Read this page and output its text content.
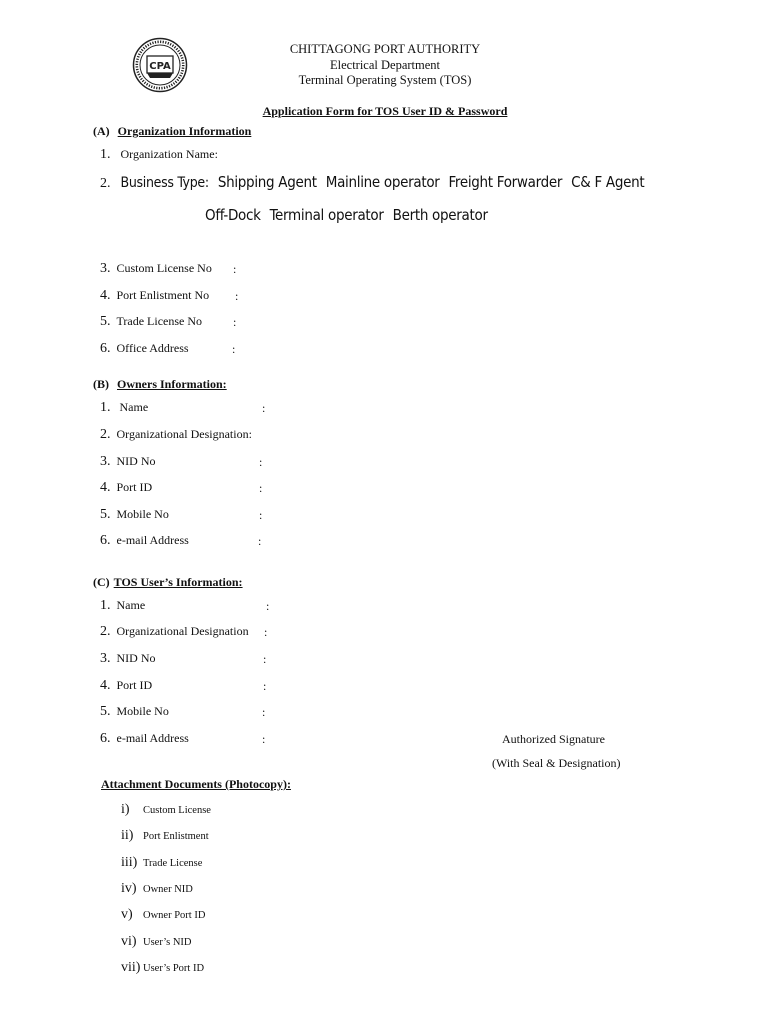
CPA
CHITTAGONG PORT AUTHORITY
Electrical Department
Terminal Operating System (TOS)
Application Form for TOS User ID & Password
(A) Organization Information
1. Organization Name:
2. Business Type: Shipping Agent Mainline operator Freight Forwarder C& F Agent
Off-Dock Terminal operator Berth operator
3. Custom License No :
4. Port Enlistment No :
5. Trade License No	:
6. Office Address	:
(B) Owners Information:
1. Name	:
2. Organizational Designation:
3. NID No	:
4. Port ID	:
5. Mobile No	:
6. e-mail Address	:
(C) TOS User’s Information:
1. Name	:
2. Organizational Designation :
3. NID No	:
4. Port ID	:
5. Mobile No	:
6. e-mail Address	:	Authorized Signature
(With Seal & Designation)
Attachment Documents (Photocopy):
i) Custom License
ii) Port Enlistment
iii) Trade License
iv) Owner NID
v) Owner Port ID
vi) User’s NID
vii) User’s Port ID
